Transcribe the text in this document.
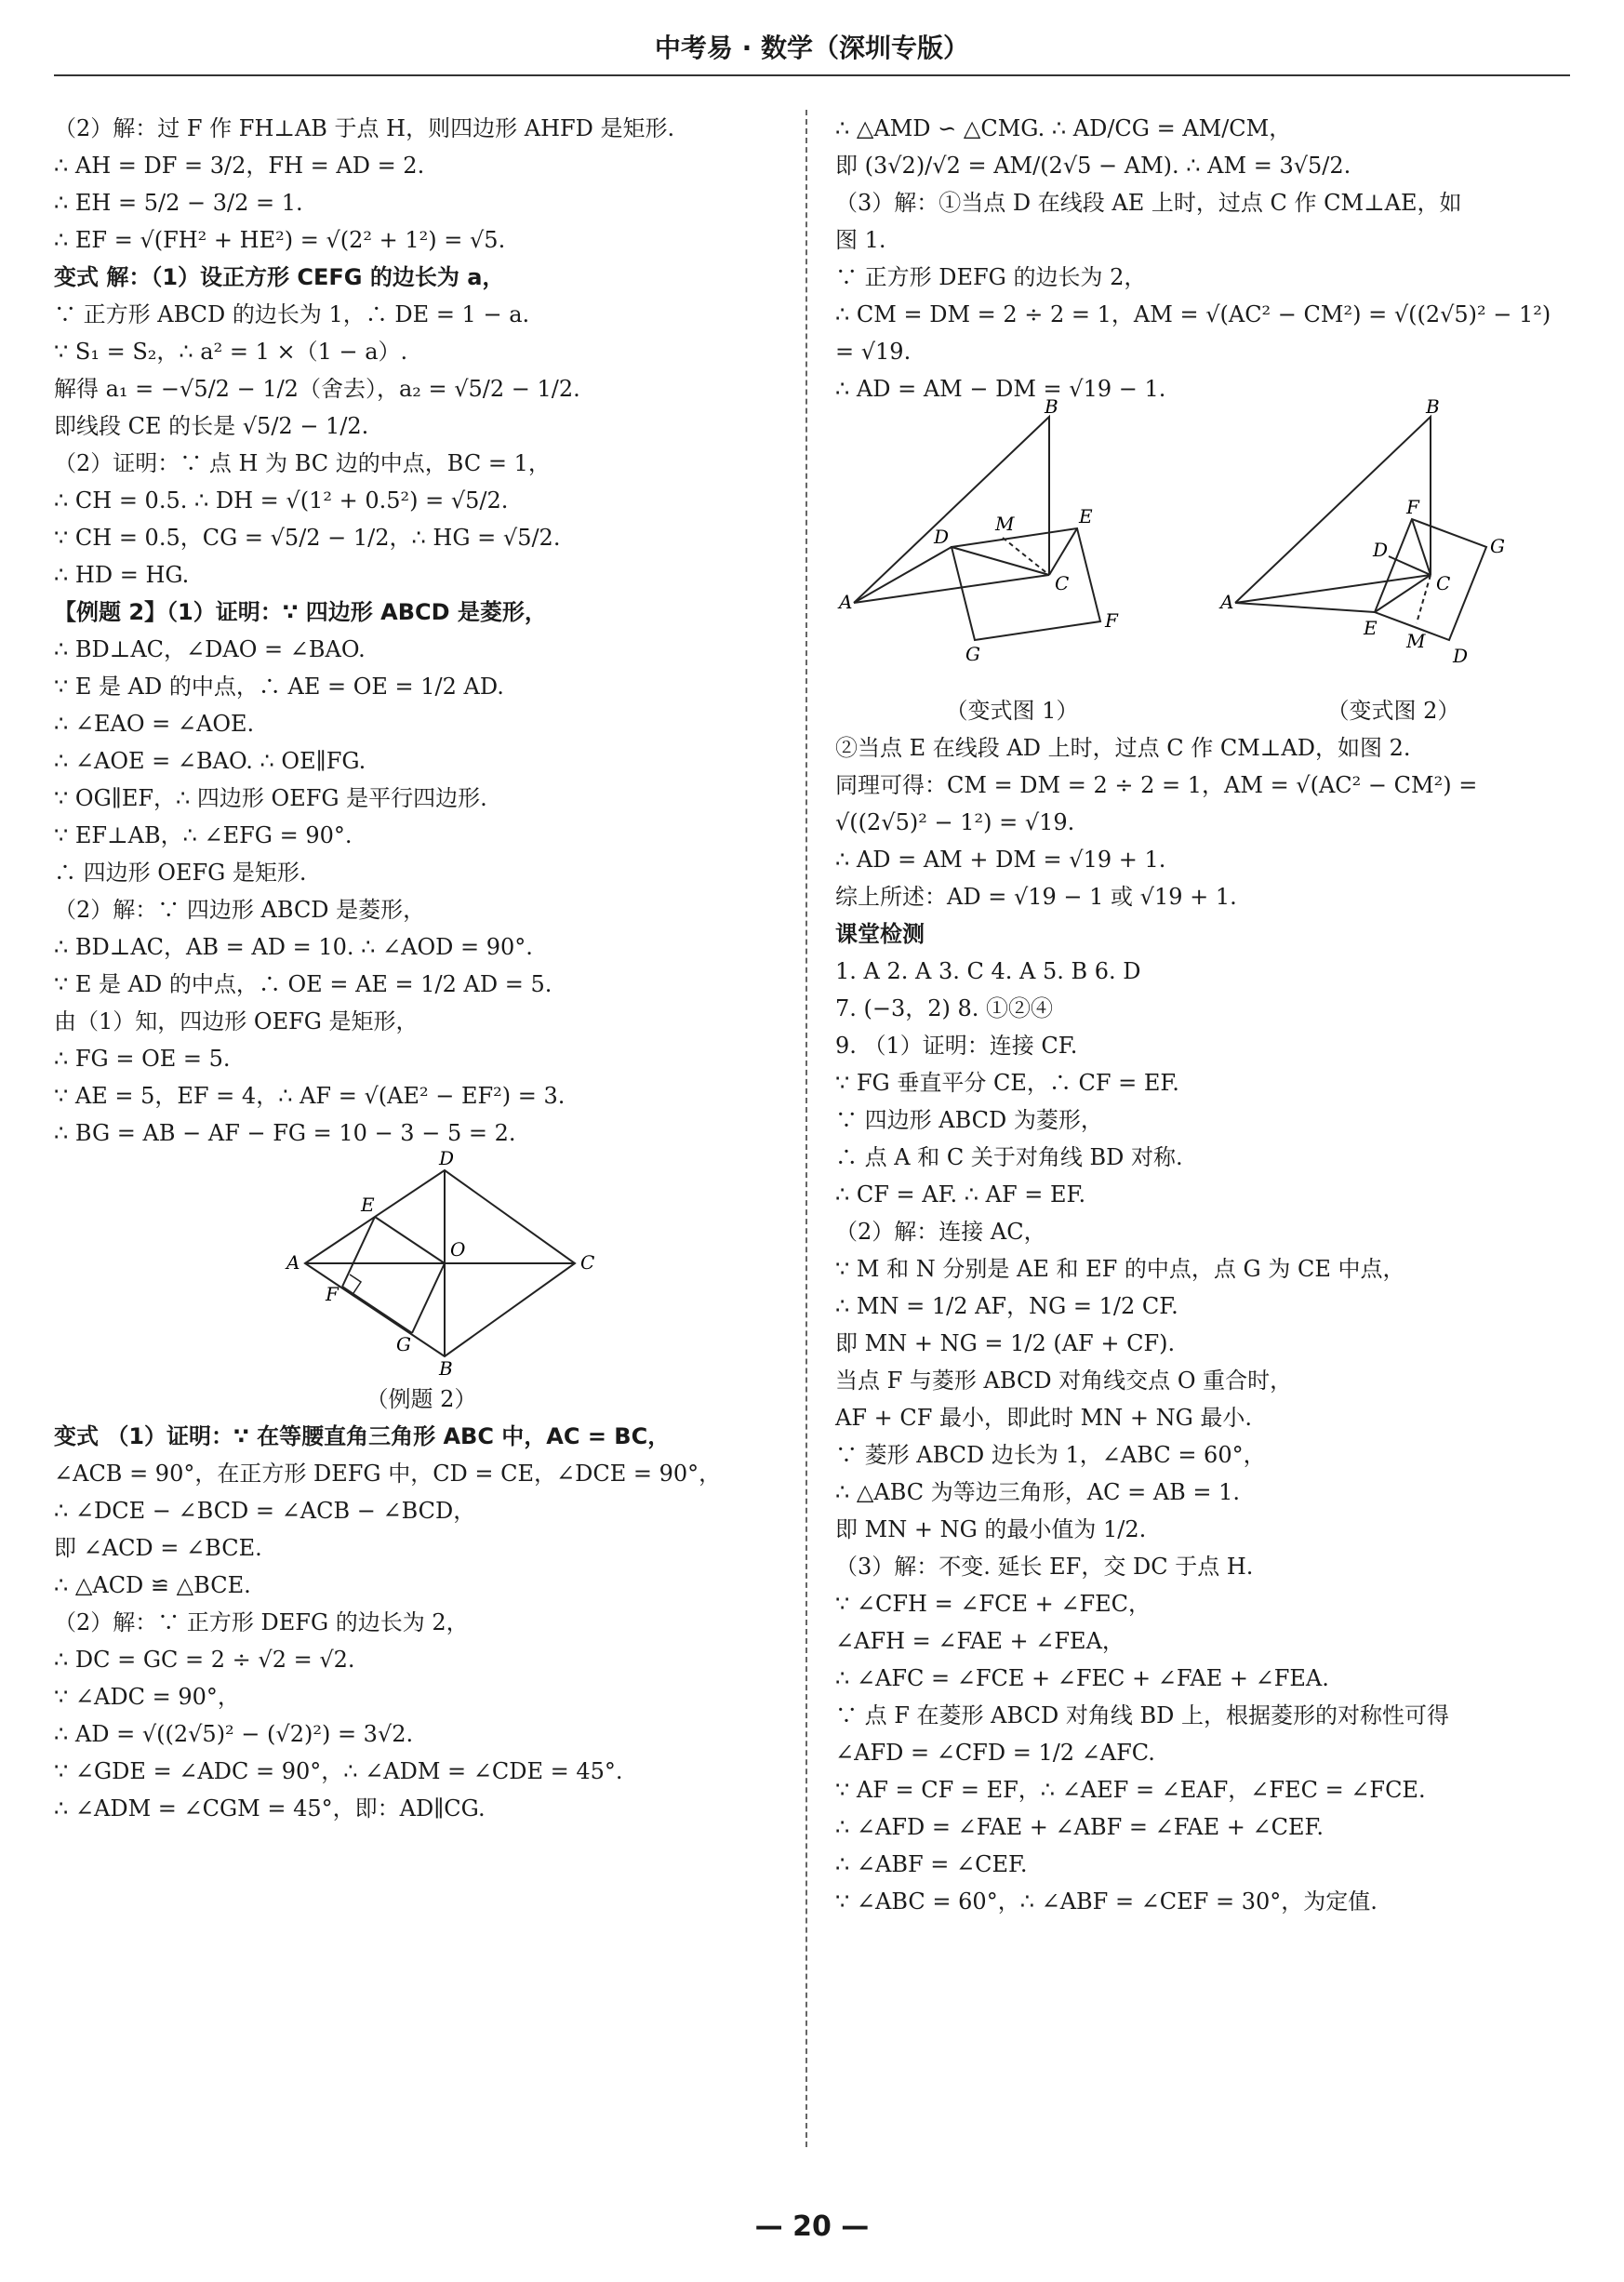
中考易 · 数学（深圳专版）
（2）解：过 F 作 FH⊥AB 于点 H，则四边形 AHFD 是矩形.
∴ AH = DF = 3/2，FH = AD = 2.
∴ EH = 5/2 − 3/2 = 1.
∴ EF = √(FH² + HE²) = √(2² + 1²) = √5.
变式 解：（1）设正方形 CEFG 的边长为 a，
∵ 正方形 ABCD 的边长为 1，∴ DE = 1 − a.
∵ S₁ = S₂，∴ a² = 1 ×（1 − a）.
解得 a₁ = −√5/2 − 1/2（舍去），a₂ = √5/2 − 1/2.
即线段 CE 的长是 √5/2 − 1/2.
（2）证明：∵ 点 H 为 BC 边的中点，BC = 1，
∴ CH = 0.5. ∴ DH = √(1² + 0.5²) = √5/2.
∵ CH = 0.5，CG = √5/2 − 1/2，∴ HG = √5/2.
∴ HD = HG.
【例题 2】（1）证明：∵ 四边形 ABCD 是菱形，
∴ BD⊥AC，∠DAO = ∠BAO.
∵ E 是 AD 的中点，∴ AE = OE = 1/2 AD.
∴ ∠EAO = ∠AOE.
∴ ∠AOE = ∠BAO. ∴ OE∥FG.
∵ OG∥EF，∴ 四边形 OEFG 是平行四边形.
∵ EF⊥AB，∴ ∠EFG = 90°.
∴ 四边形 OEFG 是矩形.
（2）解：∵ 四边形 ABCD 是菱形，
∴ BD⊥AC，AB = AD = 10. ∴ ∠AOD = 90°.
∵ E 是 AD 的中点，∴ OE = AE = 1/2 AD = 5.
由（1）知，四边形 OEFG 是矩形，
∴ FG = OE = 5.
∵ AE = 5，EF = 4，∴ AF = √(AE² − EF²) = 3.
∴ BG = AB − AF − FG = 10 − 3 − 5 = 2.
A
D
C
B
E
F
G
O
（例题 2）
变式 （1）证明：∵ 在等腰直角三角形 ABC 中，AC = BC，
∠ACB = 90°，在正方形 DEFG 中，CD = CE，∠DCE = 90°，
∴ ∠DCE − ∠BCD = ∠ACB − ∠BCD，
即 ∠ACD = ∠BCE.
∴ △ACD ≌ △BCE.
（2）解：∵ 正方形 DEFG 的边长为 2，
∴ DC = GC = 2 ÷ √2 = √2.
∵ ∠ADC = 90°，
∴ AD = √((2√5)² − (√2)²) = 3√2.
∵ ∠GDE = ∠ADC = 90°，∴ ∠ADM = ∠CDE = 45°.
∴ ∠ADM = ∠CGM = 45°，即：AD∥CG.
∴ △AMD ∽ △CMG. ∴ AD/CG = AM/CM，
即 (3√2)/√2 = AM/(2√5 − AM). ∴ AM = 3√5/2.
（3）解：①当点 D 在线段 AE 上时，过点 C 作 CM⊥AE，如
图 1.
∵ 正方形 DEFG 的边长为 2，
∴ CM = DM = 2 ÷ 2 = 1，AM = √(AC² − CM²) = √((2√5)² − 1²)
= √19.
∴ AD = AM − DM = √19 − 1.
B
A
D
M	E
C
F
G
（变式图 1）
B
A
F
D	G
C
E
M
D
（变式图 2）
②当点 E 在线段 AD 上时，过点 C 作 CM⊥AD，如图 2.
同理可得：CM = DM = 2 ÷ 2 = 1，AM = √(AC² − CM²) =
√((2√5)² − 1²) = √19.
∴ AD = AM + DM = √19 + 1.
综上所述：AD = √19 − 1 或 √19 + 1.
课堂检测
1. A 2. A 3. C 4. A 5. B 6. D
7. (−3，2) 8. ①②④
9. （1）证明：连接 CF.
∵ FG 垂直平分 CE，∴ CF = EF.
∵ 四边形 ABCD 为菱形，
∴ 点 A 和 C 关于对角线 BD 对称.
∴ CF = AF. ∴ AF = EF.
（2）解：连接 AC，
∵ M 和 N 分别是 AE 和 EF 的中点，点 G 为 CE 中点，
∴ MN = 1/2 AF，NG = 1/2 CF.
即 MN + NG = 1/2 (AF + CF).
当点 F 与菱形 ABCD 对角线交点 O 重合时，
AF + CF 最小，即此时 MN + NG 最小.
∵ 菱形 ABCD 边长为 1，∠ABC = 60°，
∴ △ABC 为等边三角形，AC = AB = 1.
即 MN + NG 的最小值为 1/2.
（3）解：不变. 延长 EF，交 DC 于点 H.
∵ ∠CFH = ∠FCE + ∠FEC，
∠AFH = ∠FAE + ∠FEA，
∴ ∠AFC = ∠FCE + ∠FEC + ∠FAE + ∠FEA.
∵ 点 F 在菱形 ABCD 对角线 BD 上，根据菱形的对称性可得
∠AFD = ∠CFD = 1/2 ∠AFC.
∵ AF = CF = EF，∴ ∠AEF = ∠EAF，∠FEC = ∠FCE.
∴ ∠AFD = ∠FAE + ∠ABF = ∠FAE + ∠CEF.
∴ ∠ABF = ∠CEF.
∵ ∠ABC = 60°，∴ ∠ABF = ∠CEF = 30°，为定值.
— 20 —
